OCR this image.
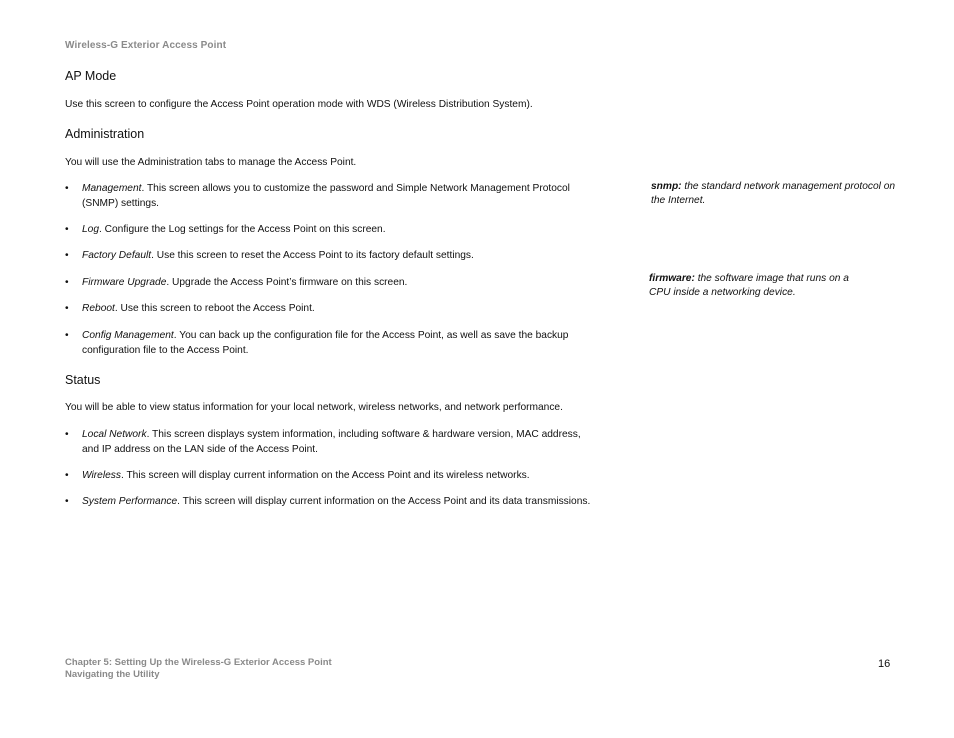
Wireless-G Exterior Access Point
AP Mode

Use this screen to configure the Access Point operation mode with WDS (Wireless Distribution System).

Administration

You will use the Administration tabs to manage the Access Point.

• Management. This screen allows you to customize the password and Simple Network Management Protocol (SNMP) settings.
• Log. Configure the Log settings for the Access Point on this screen.
• Factory Default. Use this screen to reset the Access Point to its factory default settings.
• Firmware Upgrade. Upgrade the Access Point’s firmware on this screen.
• Reboot. Use this screen to reboot the Access Point.
• Config Management. You can back up the configuration file for the Access Point, as well as save the backup configuration file to the Access Point.
Status

You will be able to view status information for your local network, wireless networks, and network performance.

• Local Network. This screen displays system information, including software & hardware version, MAC address, and IP address on the LAN side of the Access Point.
• Wireless. This screen will display current information on the Access Point and its wireless networks.
• System Performance. This screen will display current information on the Access Point and its data transmissions.
snmp: the standard network management protocol on the Internet.
firmware: the software image that runs on a CPU inside a networking device.
Chapter 5: Setting Up the Wireless-G Exterior Access Point
Navigating the Utility
16
